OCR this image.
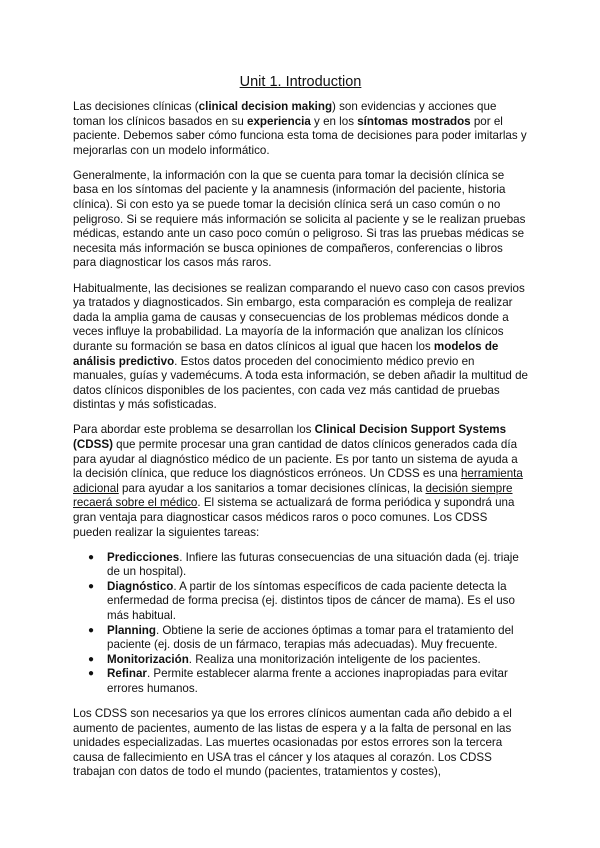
Unit 1. Introduction

Las decisiones clínicas (clinical decision making) son evidencias y acciones que toman los clínicos basados en su experiencia y en los síntomas mostrados por el paciente. Debemos saber cómo funciona esta toma de decisiones para poder imitarlas y mejorarlas con un modelo informático.

Generalmente, la información con la que se cuenta para tomar la decisión clínica se basa en los síntomas del paciente y la anamnesis (información del paciente, historia clínica). Si con esto ya se puede tomar la decisión clínica será un caso común o no peligroso. Si se requiere más información se solicita al paciente y se le realizan pruebas médicas, estando ante un caso poco común o peligroso. Si tras las pruebas médicas se necesita más información se busca opiniones de compañeros, conferencias o libros para diagnosticar los casos más raros.

Habitualmente, las decisiones se realizan comparando el nuevo caso con casos previos ya tratados y diagnosticados. Sin embargo, esta comparación es compleja de realizar dada la amplia gama de causas y consecuencias de los problemas médicos donde a veces influye la probabilidad. La mayoría de la información que analizan los clínicos durante su formación se basa en datos clínicos al igual que hacen los modelos de análisis predictivo. Estos datos proceden del conocimiento médico previo en manuales, guías y vademécums. A toda esta información, se deben añadir la multitud de datos clínicos disponibles de los pacientes, con cada vez más cantidad de pruebas distintas y más sofisticadas.

Para abordar este problema se desarrollan los Clinical Decision Support Systems (CDSS) que permite procesar una gran cantidad de datos clínicos generados cada día para ayudar al diagnóstico médico de un paciente. Es por tanto un sistema de ayuda a la decisión clínica, que reduce los diagnósticos erróneos. Un CDSS es una herramienta adicional para ayudar a los sanitarios a tomar decisiones clínicas, la decisión siempre recaerá sobre el médico. El sistema se actualizará de forma periódica y supondrá una gran ventaja para diagnosticar casos médicos raros o poco comunes. Los CDSS pueden realizar la siguientes tareas:

● Predicciones. Infiere las futuras consecuencias de una situación dada (ej. triaje de un hospital).
● Diagnóstico. A partir de los síntomas específicos de cada paciente detecta la enfermedad de forma precisa (ej. distintos tipos de cáncer de mama). Es el uso más habitual.
● Planning. Obtiene la serie de acciones óptimas a tomar para el tratamiento del paciente (ej. dosis de un fármaco, terapias más adecuadas). Muy frecuente.
● Monitorización. Realiza una monitorización inteligente de los pacientes.
● Refinar. Permite establecer alarma frente a acciones inapropiadas para evitar errores humanos.

Los CDSS son necesarios ya que los errores clínicos aumentan cada año debido a el aumento de pacientes, aumento de las listas de espera y a la falta de personal en las unidades especializadas. Las muertes ocasionadas por estos errores son la tercera causa de fallecimiento en USA tras el cáncer y los ataques al corazón. Los CDSS trabajan con datos de todo el mundo (pacientes, tratamientos y costes),
